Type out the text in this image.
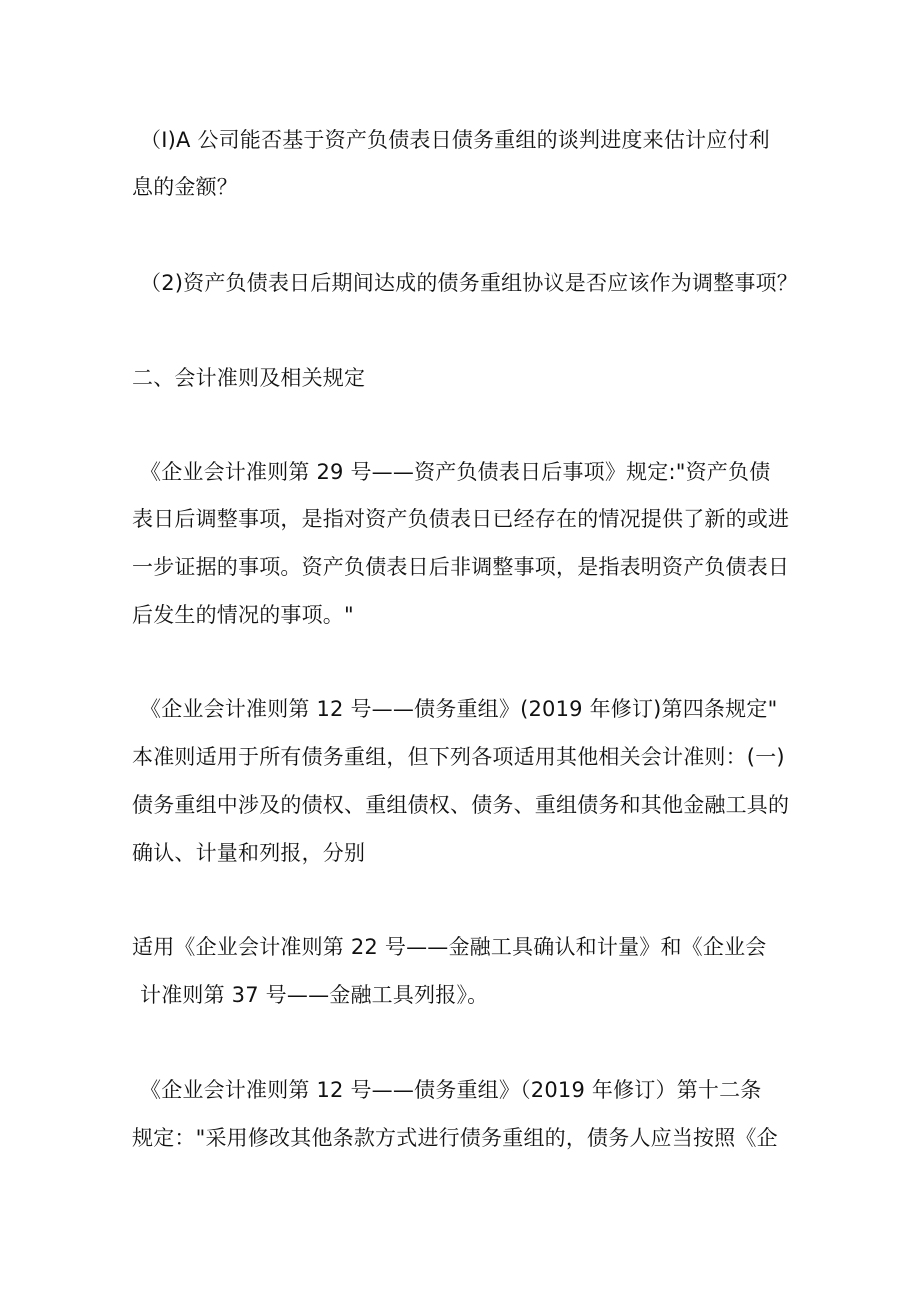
（I)A 公司能否基于资产负债表日债务重组的谈判进度来估计应付利
息的金额？
（2)资产负债表日后期间达成的债务重组协议是否应该作为调整事项？
二、会计准则及相关规定
《企业会计准则第 29 号——资产负债表日后事项》规定:"资产负债
表日后调整事项，是指对资产负债表日已经存在的情况提供了新的或进
一步证据的事项。资产负债表日后非调整事项，是指表明资产负债表日
后发生的情况的事项。"
《企业会计准则第 12 号——债务重组》(2019 年修订)第四条规定"
本准则适用于所有债务重组，但下列各项适用其他相关会计准则：(一)
债务重组中涉及的债权、重组债权、债务、重组债务和其他金融工具的
确认、计量和列报，分别
适用《企业会计准则第 22 号——金融工具确认和计量》和《企业会
计准则第 37 号——金融工具列报》。
《企业会计准则第 12 号——债务重组》（2019 年修订）第十二条
规定："采用修改其他条款方式进行债务重组的，债务人应当按照《企
